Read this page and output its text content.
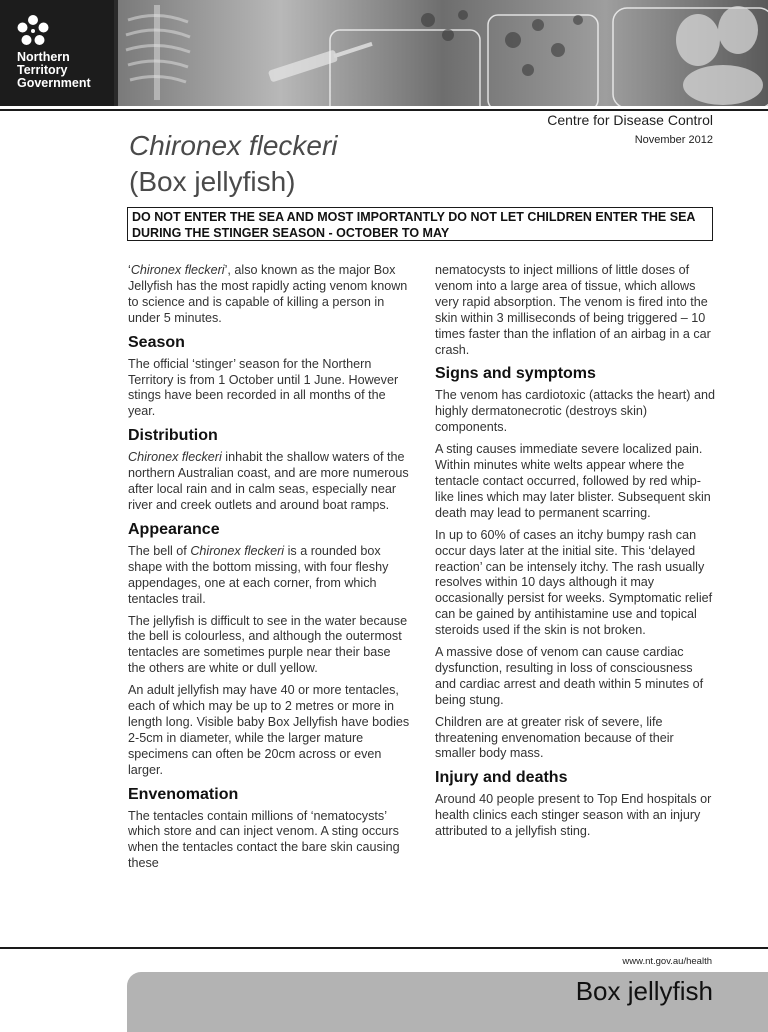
Northern
Territory
Government
Centre for Disease Control
November 2012
Chironex fleckeri
(Box jellyfish)
DO NOT ENTER THE SEA AND MOST IMPORTANTLY DO NOT LET CHILDREN ENTER THE SEA DURING THE STINGER SEASON - OCTOBER TO MAY

‘Chironex fleckeri’, also known as the major Box Jellyfish has the most rapidly acting venom known to science and is capable of killing a person in under 5 minutes.

Season

The official ‘stinger’ season for the Northern Territory is from 1 October until 1 June. However stings have been recorded in all months of the year.

Distribution

Chironex fleckeri inhabit the shallow waters of the northern Australian coast, and are more numerous after local rain and in calm seas, especially near river and creek outlets and around boat ramps.

Appearance

The bell of Chironex fleckeri is a rounded box shape with the bottom missing, with four fleshy appendages, one at each corner, from which tentacles trail.

The jellyfish is difficult to see in the water because the bell is colourless, and although the outermost tentacles are sometimes purple near their base the others are white or dull yellow.

An adult jellyfish may have 40 or more tentacles, each of which may be up to 2 metres or more in length long. Visible baby Box Jellyfish have bodies 2-5cm in diameter, while the larger mature specimens can often be 20cm across or even larger.

Envenomation

The tentacles contain millions of ‘nematocysts’ which store and can inject venom. A sting occurs when the tentacles contact the bare skin causing these

nematocysts to inject millions of little doses of venom into a large area of tissue, which allows very rapid absorption. The venom is fired into the skin within 3 milliseconds of being triggered – 10 times faster than the inflation of an airbag in a car crash.

Signs and symptoms

The venom has cardiotoxic (attacks the heart) and highly dermatonecrotic (destroys skin) components.

A sting causes immediate severe localized pain. Within minutes white welts appear where the tentacle contact occurred, followed by red whip-like lines which may later blister. Subsequent skin death may lead to permanent scarring.

In up to 60% of cases an itchy bumpy rash can occur days later at the initial site. This ‘delayed reaction’ can be intensely itchy. The rash usually resolves within 10 days although it may occasionally persist for weeks. Symptomatic relief can be gained by antihistamine use and topical steroids used if the skin is not broken.

A massive dose of venom can cause cardiac dysfunction, resulting in loss of consciousness and cardiac arrest and death within 5 minutes of being stung.

Children are at greater risk of severe, life threatening envenomation because of their smaller body mass.

Injury and deaths

Around 40 people present to Top End hospitals or health clinics each stinger season with an injury attributed to a jellyfish sting.

www.nt.gov.au/health
Box jellyfish
